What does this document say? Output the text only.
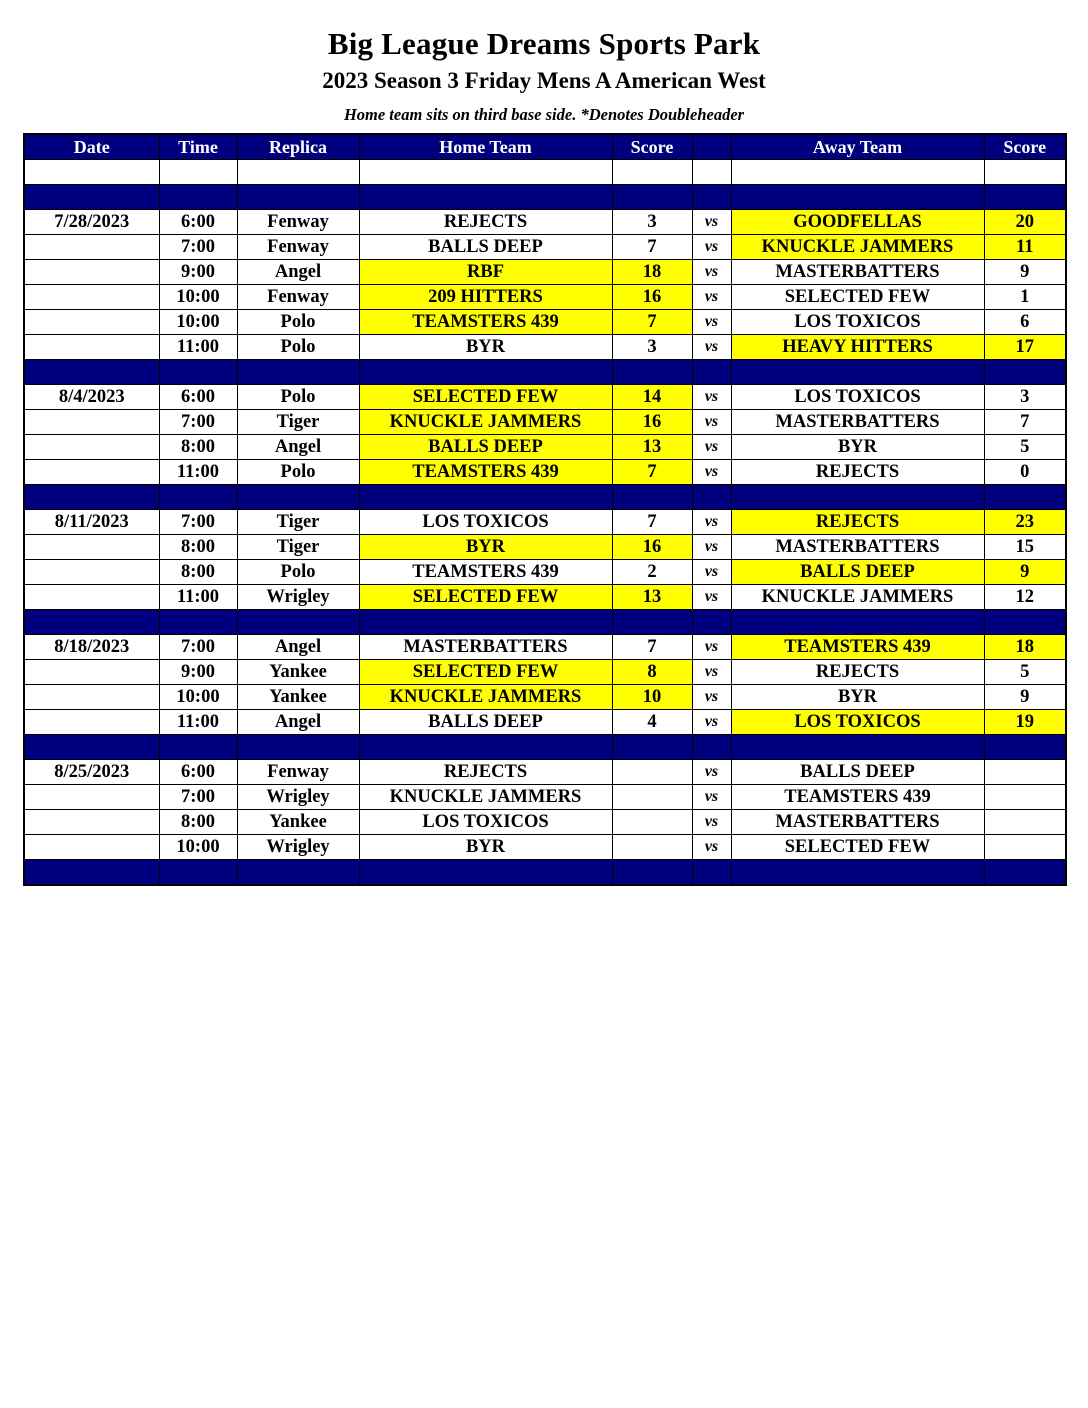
Big League Dreams Sports Park
2023 Season 3 Friday Mens A American West
Home team sits on third base side. *Denotes Doubleheader
Date	Time	Replica	Home Team	Score		Away Team	Score

7/28/2023	6:00	Fenway	REJECTS	3	vs	GOODFELLAS	20
	7:00	Fenway	BALLS DEEP	7	vs	KNUCKLE JAMMERS	11
	9:00	Angel	RBF	18	vs	MASTERBATTERS	9
	10:00	Fenway	209 HITTERS	16	vs	SELECTED FEW	1
	10:00	Polo	TEAMSTERS 439	7	vs	LOS TOXICOS	6
	11:00	Polo	BYR	3	vs	HEAVY HITTERS	17

8/4/2023	6:00	Polo	SELECTED FEW	14	vs	LOS TOXICOS	3
	7:00	Tiger	KNUCKLE JAMMERS	16	vs	MASTERBATTERS	7
	8:00	Angel	BALLS DEEP	13	vs	BYR	5
	11:00	Polo	TEAMSTERS 439	7	vs	REJECTS	0

8/11/2023	7:00	Tiger	LOS TOXICOS	7	vs	REJECTS	23
	8:00	Tiger	BYR	16	vs	MASTERBATTERS	15
	8:00	Polo	TEAMSTERS 439	2	vs	BALLS DEEP	9
	11:00	Wrigley	SELECTED FEW	13	vs	KNUCKLE JAMMERS	12

8/18/2023	7:00	Angel	MASTERBATTERS	7	vs	TEAMSTERS 439	18
	9:00	Yankee	SELECTED FEW	8	vs	REJECTS	5
	10:00	Yankee	KNUCKLE JAMMERS	10	vs	BYR	9
	11:00	Angel	BALLS DEEP	4	vs	LOS TOXICOS	19

8/25/2023	6:00	Fenway	REJECTS		vs	BALLS DEEP	
	7:00	Wrigley	KNUCKLE JAMMERS		vs	TEAMSTERS 439	
	8:00	Yankee	LOS TOXICOS		vs	MASTERBATTERS	
	10:00	Wrigley	BYR		vs	SELECTED FEW	
